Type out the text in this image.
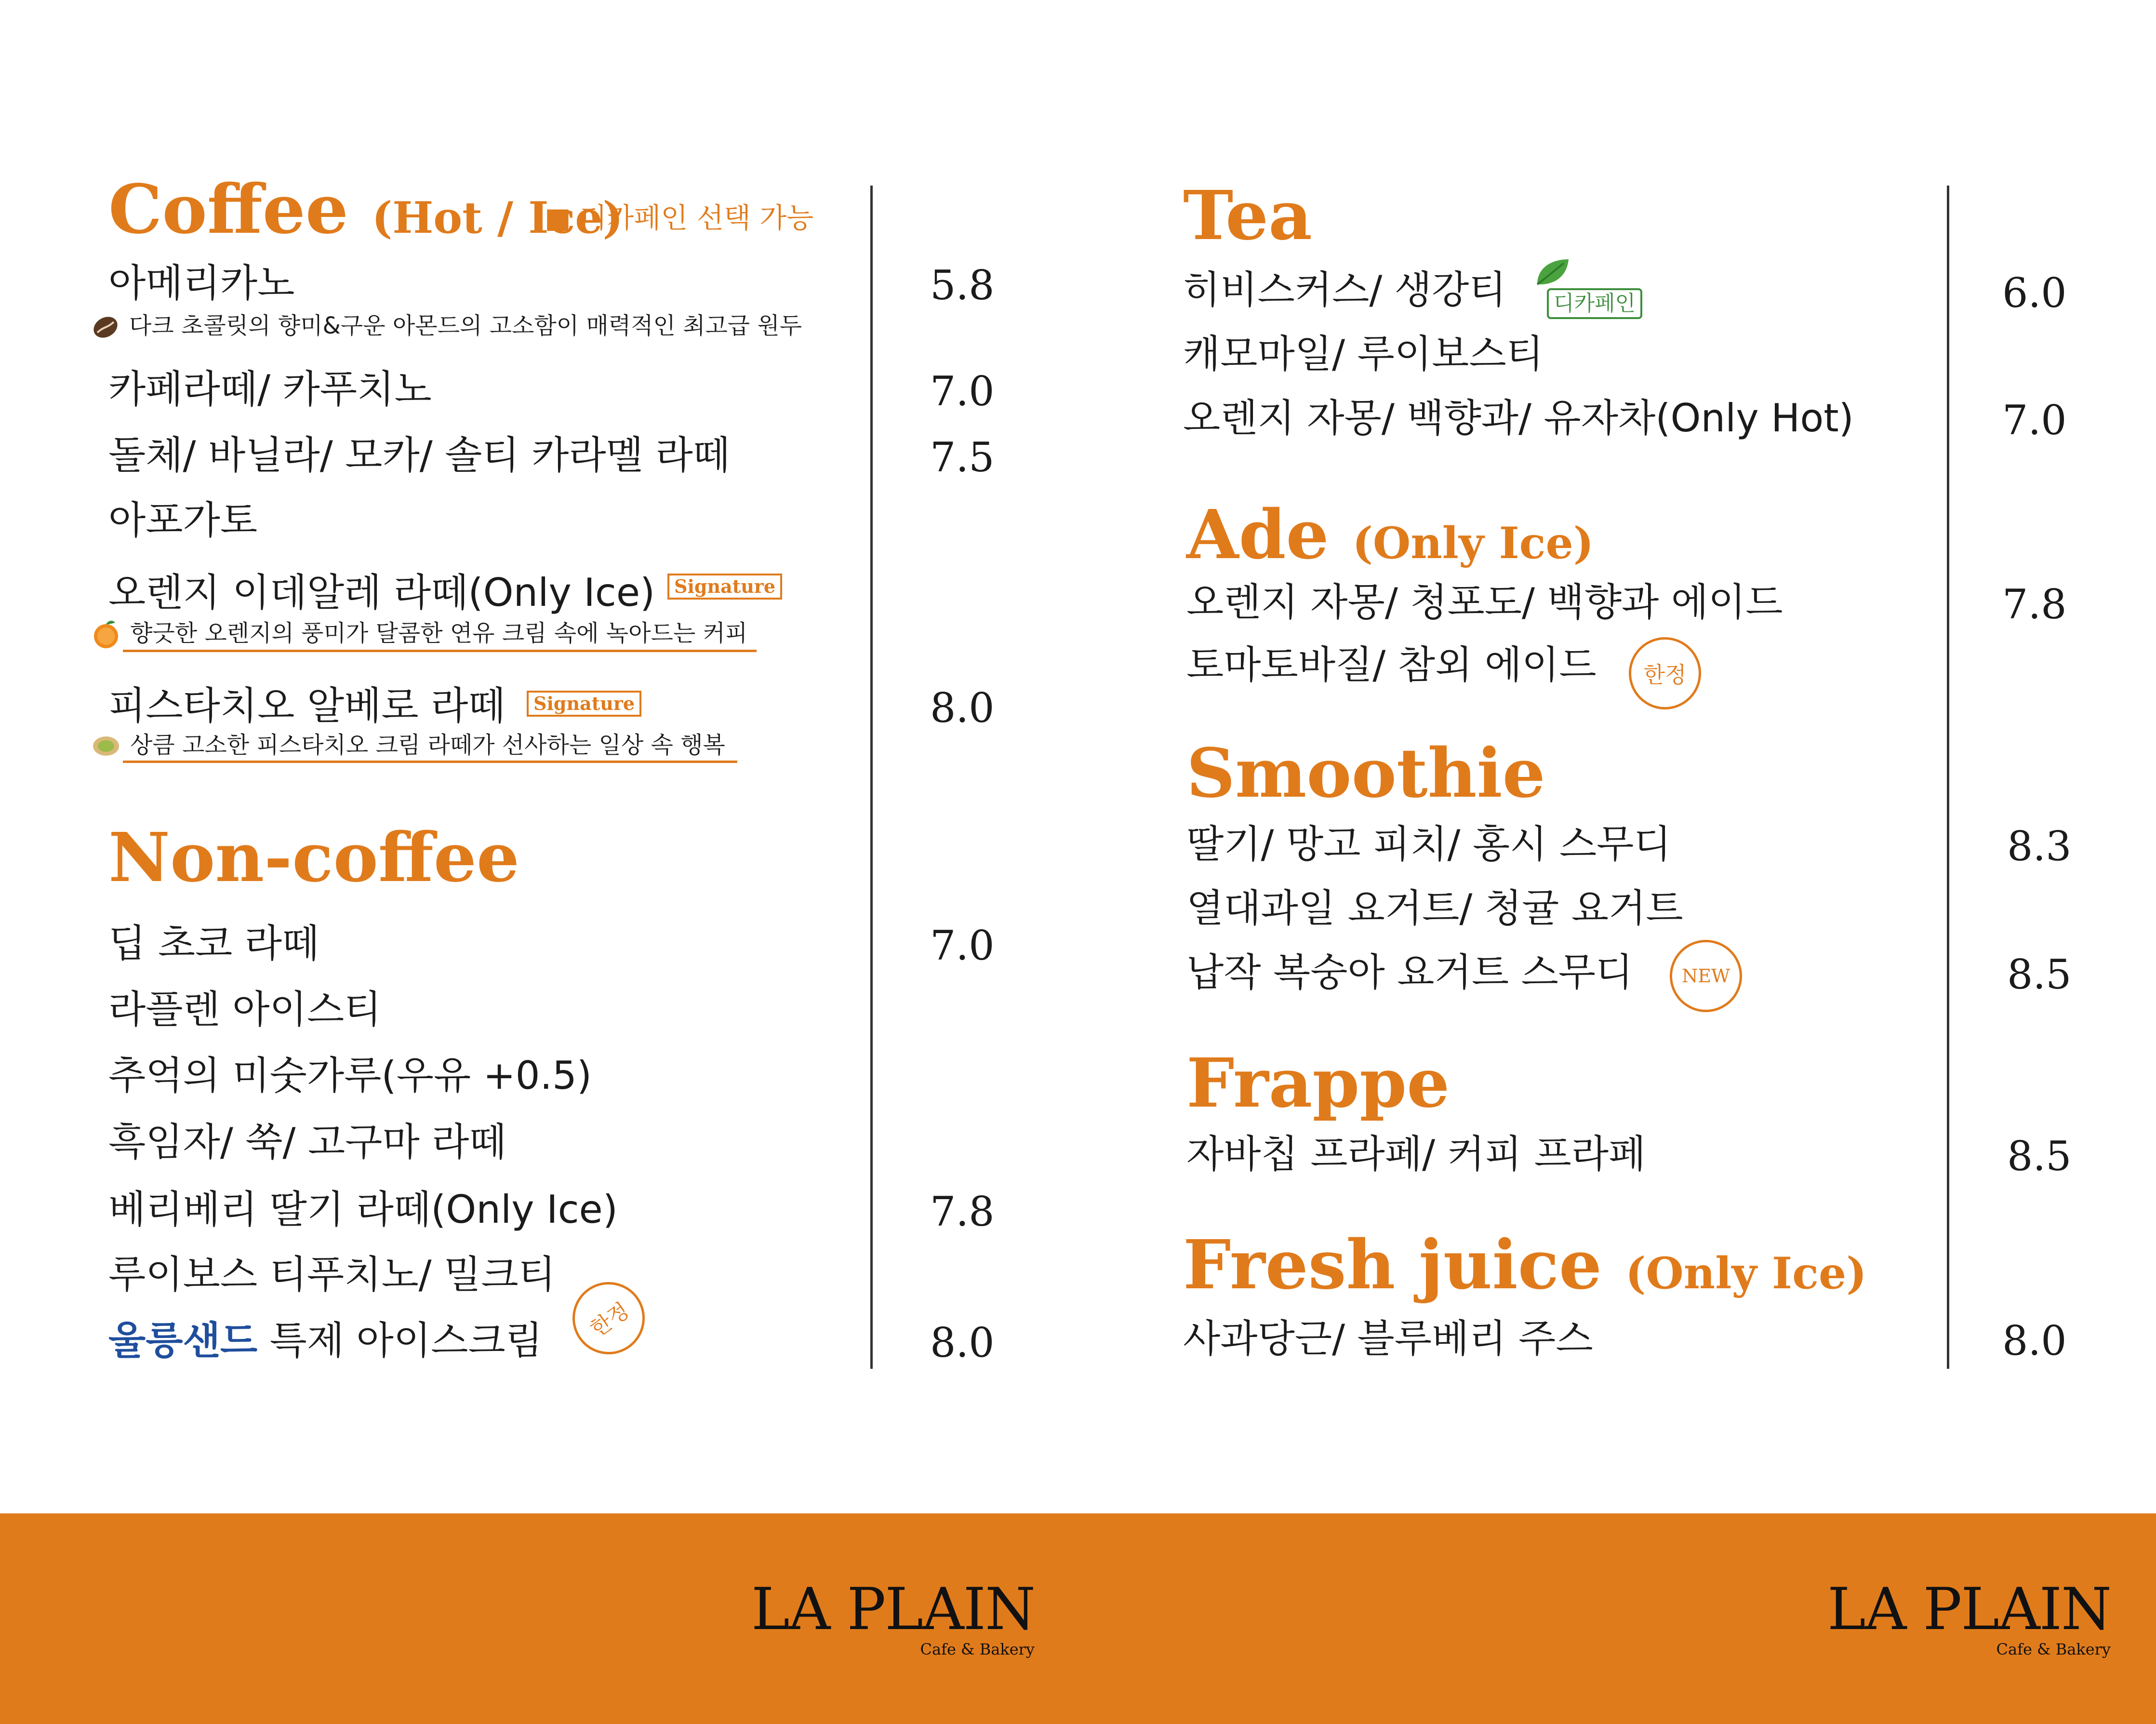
Coffee (Hot / Ice)
■ 디카페인 선택 가능
아메리카노	5.8
다크 초콜릿의 향미&구운 아몬드의 고소함이 매력적인 최고급 원두
카페라떼/ 카푸치노	7.0
돌체/ 바닐라/ 모카/ 솔티 카라멜 라떼	7.5
아포가토
오렌지 이데알레 라떼(Only Ice)	Signature
향긋한 오렌지의 풍미가 달콤한 연유 크림 속에 녹아드는 커피
피스타치오 알베로 라떼	Signature	8.0
상큼 고소한 피스타치오 크림 라떼가 선사하는 일상 속 행복
Non-coffee
딥 초코 라떼	7.0
라플렌 아이스티
추억의 미숫가루(우유 +0.5)
흑임자/ 쑥/ 고구마 라떼
베리베리 딸기 라떼(Only Ice)	7.8
루이보스 티푸치노/ 밀크티
울릉샌드 특제 아이스크림	한정	8.0
Tea
히비스커스/ 생강티	디카페인	6.0
캐모마일/ 루이보스티
오렌지 자몽/ 백향과/ 유자차(Only Hot)	7.0
Ade (Only Ice)
오렌지 자몽/ 청포도/ 백향과 에이드	7.8
토마토바질/ 참외 에이드	한정
Smoothie
딸기/ 망고 피치/ 홍시 스무디	8.3
열대과일 요거트/ 청귤 요거트
납작 복숭아 요거트 스무디	NEW	8.5
Frappe
자바칩 프라페/ 커피 프라페	8.5
Fresh juice (Only Ice)
사과당근/ 블루베리 주스	8.0
LA PLAIN
Cafe & Bakery
LA PLAIN
Cafe & Bakery
